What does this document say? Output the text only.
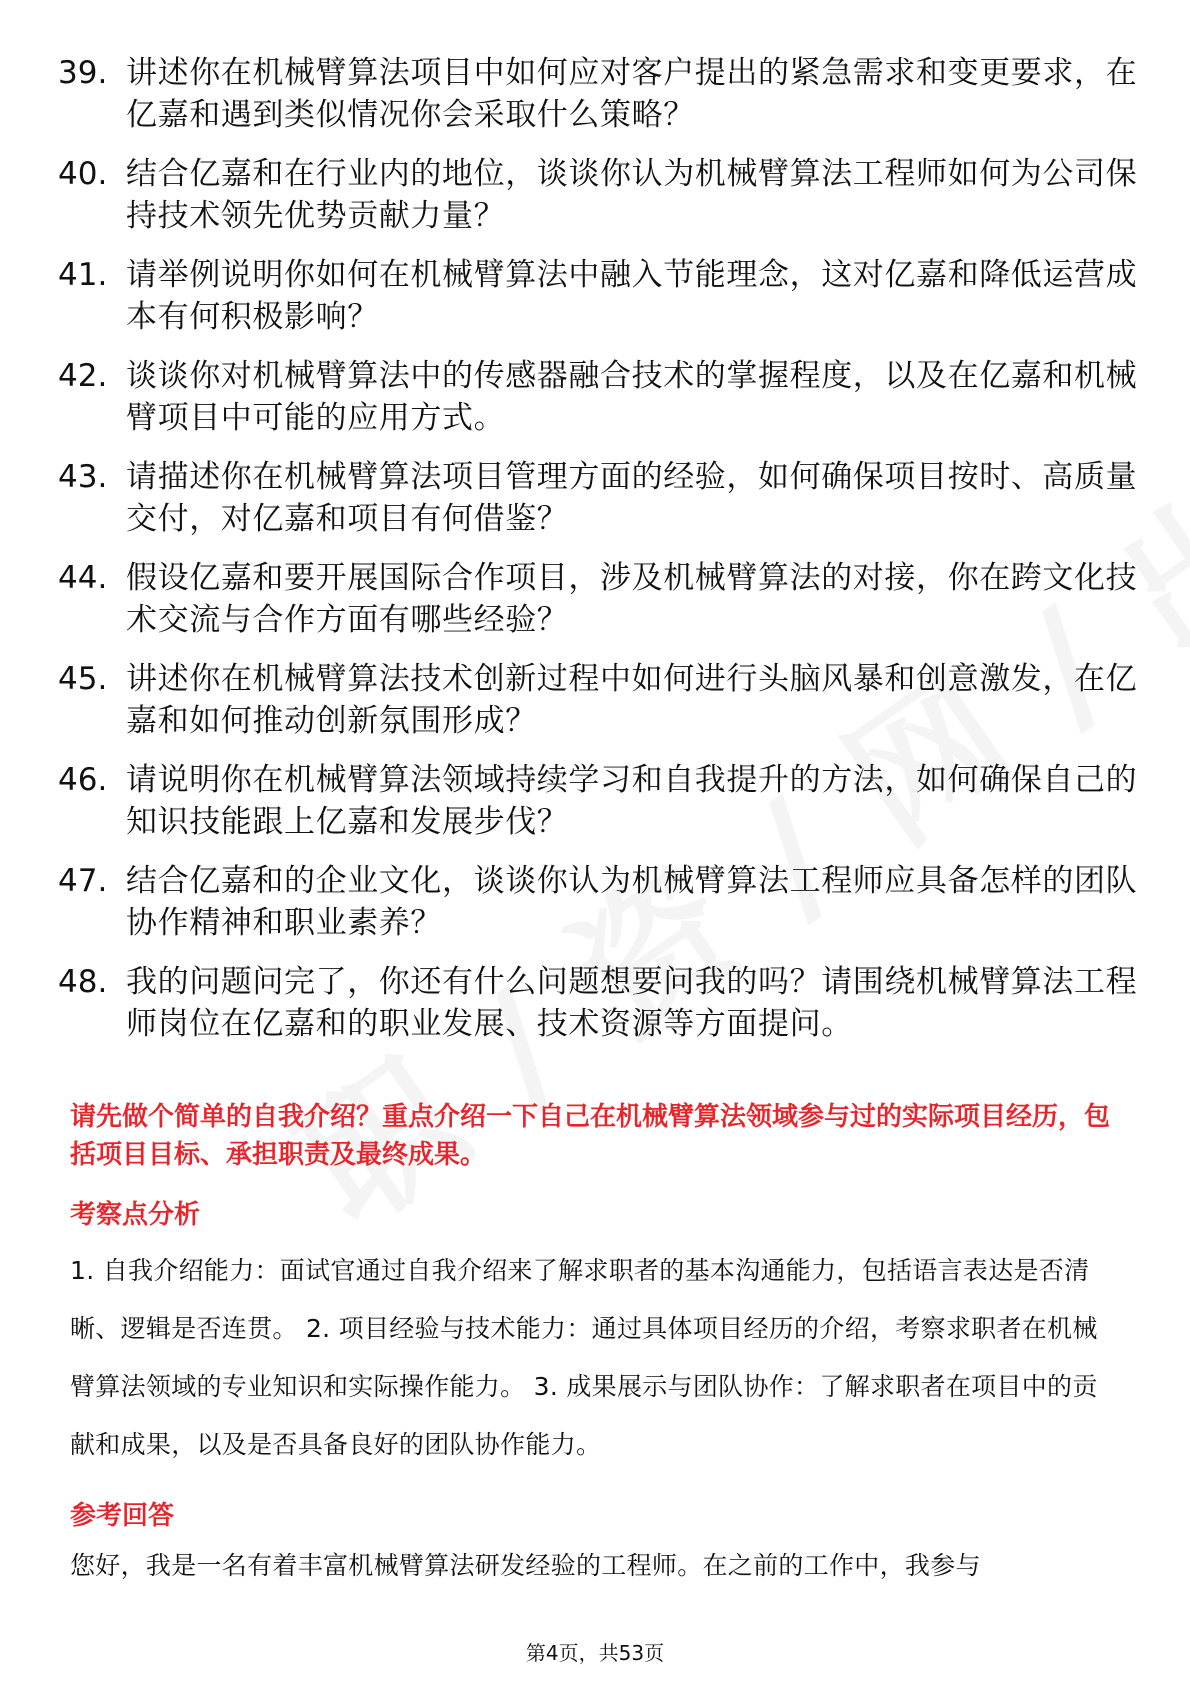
39. 讲述你在机械臂算法项目中如何应对客户提出的紧急需求和变更要求，在亿嘉和遇到类似情况你会采取什么策略？
40. 结合亿嘉和在行业内的地位，谈谈你认为机械臂算法工程师如何为公司保持技术领先优势贡献力量？
41. 请举例说明你如何在机械臂算法中融入节能理念，这对亿嘉和降低运营成本有何积极影响？
42. 谈谈你对机械臂算法中的传感器融合技术的掌握程度，以及在亿嘉和机械臂项目中可能的应用方式。
43. 请描述你在机械臂算法项目管理方面的经验，如何确保项目按时、高质量交付，对亿嘉和项目有何借鉴？
44. 假设亿嘉和要开展国际合作项目，涉及机械臂算法的对接，你在跨文化技术交流与合作方面有哪些经验？
45. 讲述你在机械臂算法技术创新过程中如何进行头脑风暴和创意激发，在亿嘉和如何推动创新氛围形成？
46. 请说明你在机械臂算法领域持续学习和自我提升的方法，如何确保自己的知识技能跟上亿嘉和发展步伐？
47. 结合亿嘉和的企业文化，谈谈你认为机械臂算法工程师应具备怎样的团队协作精神和职业素养？
48. 我的问题问完了，你还有什么问题想要问我的吗？请围绕机械臂算法工程师岗位在亿嘉和的职业发展、技术资源等方面提问。

请先做个简单的自我介绍？重点介绍一下自己在机械臂算法领域参与过的实际项目经历，包括项目目标、承担职责及最终成果。

考察点分析

1. 自我介绍能力：面试官通过自我介绍来了解求职者的基本沟通能力，包括语言表达是否清晰、逻辑是否连贯。 2. 项目经验与技术能力：通过具体项目经历的介绍，考察求职者在机械臂算法领域的专业知识和实际操作能力。 3. 成果展示与团队协作：了解求职者在项目中的贡献和成果，以及是否具备良好的团队协作能力。

参考回答

您好，我是一名有着丰富机械臂算法研发经验的工程师。在之前的工作中，我参与

第4页，共53页
